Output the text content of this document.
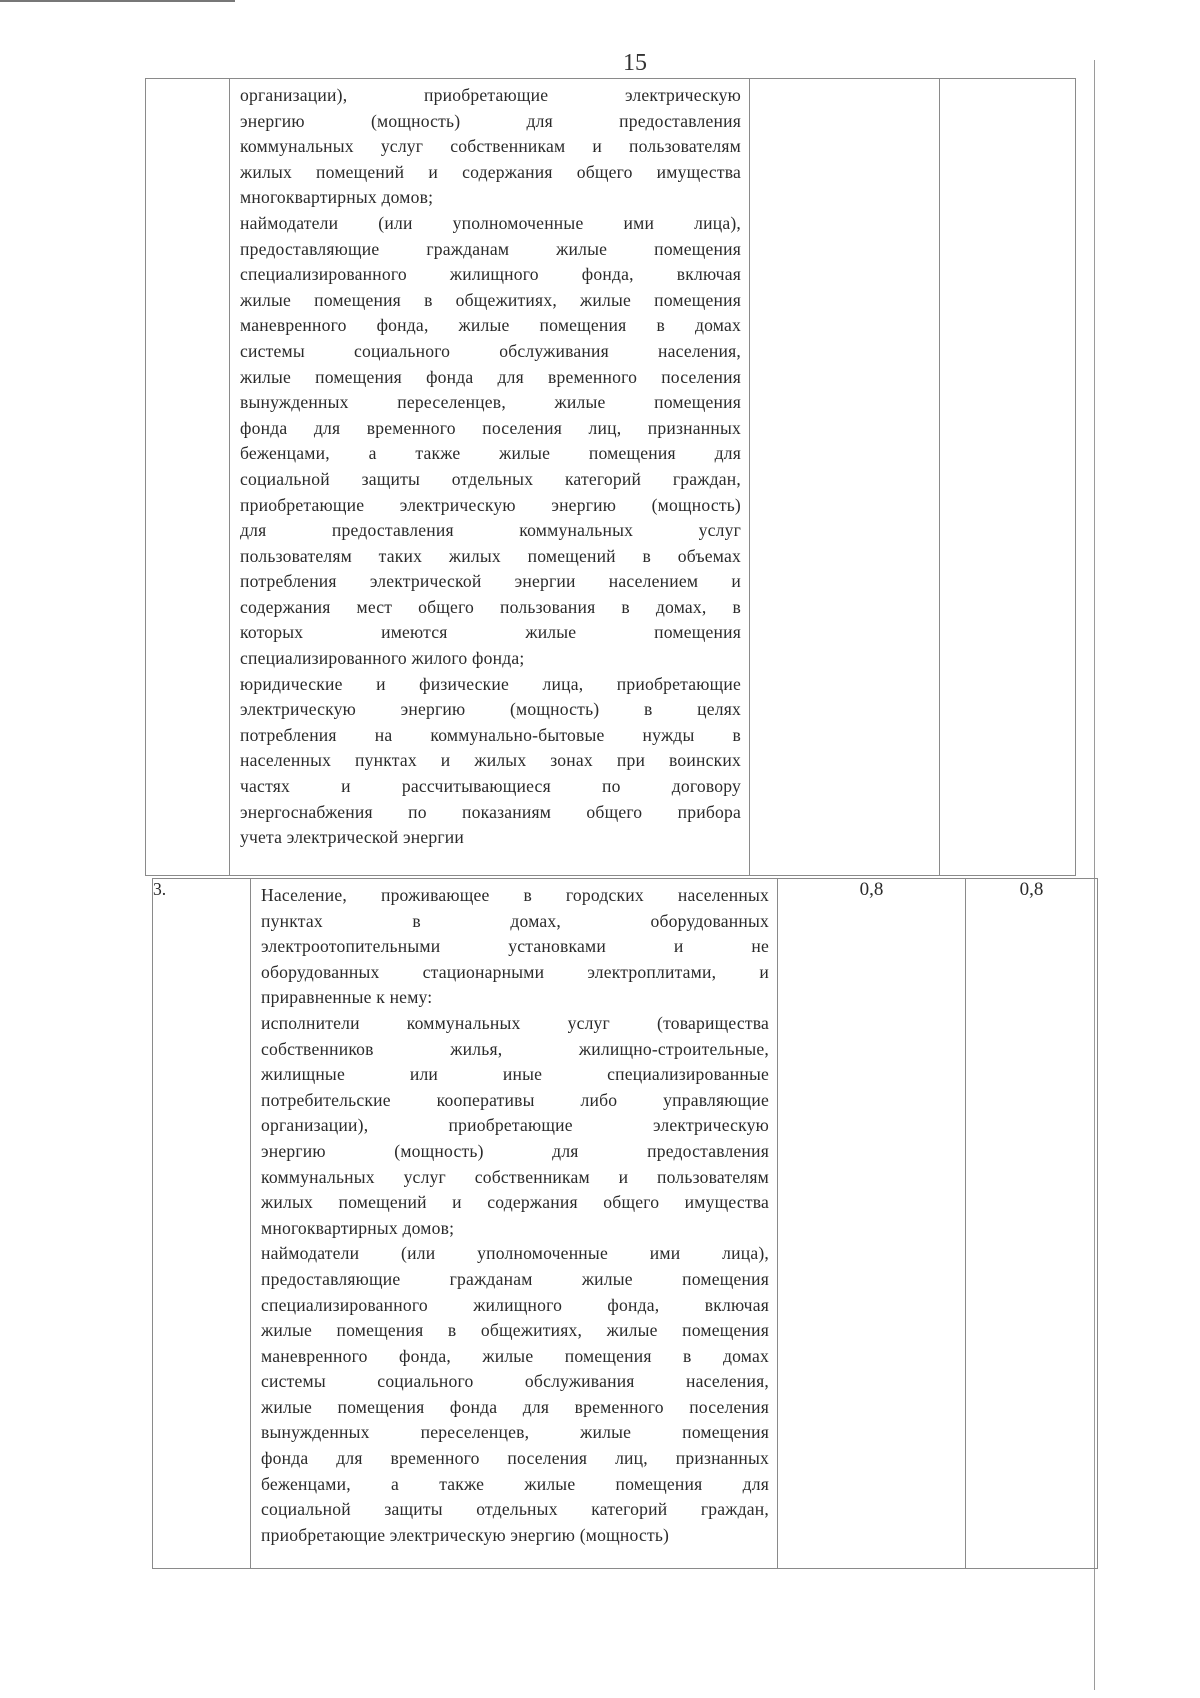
15

организации), приобретающие электрическую
энергию (мощность) для предоставления
коммунальных услуг собственникам и пользователям
жилых помещений и содержания общего имущества
многоквартирных домов;
наймодатели (или уполномоченные ими лица),
предоставляющие гражданам жилые помещения
специализированного жилищного фонда, включая
жилые помещения в общежитиях, жилые помещения
маневренного фонда, жилые помещения в домах
системы социального обслуживания населения,
жилые помещения фонда для временного поселения
вынужденных переселенцев, жилые помещения
фонда для временного поселения лиц, признанных
беженцами, а также жилые помещения для
социальной защиты отдельных категорий граждан,
приобретающие электрическую энергию (мощность)
для предоставления коммунальных услуг
пользователям таких жилых помещений в объемах
потребления электрической энергии населением и
содержания мест общего пользования в домах, в
которых имеются жилые помещения
специализированного жилого фонда;
юридические и физические лица, приобретающие
электрическую энергию (мощность) в целях
потребления на коммунально-бытовые нужды в
населенных пунктах и жилых зонах при воинских
частях и рассчитывающиеся по договору
энергоснабжения по показаниям общего прибора
учета электрической энергии

3.	Население, проживающее в городских населенных
пунктах в домах, оборудованных
электроотопительными установками и не
оборудованных стационарными электроплитами, и
приравненные к нему:
исполнители коммунальных услуг (товарищества
собственников жилья, жилищно-строительные,
жилищные или иные специализированные
потребительские кооперативы либо управляющие
организации), приобретающие электрическую
энергию (мощность) для предоставления
коммунальных услуг собственникам и пользователям
жилых помещений и содержания общего имущества
многоквартирных домов;
наймодатели (или уполномоченные ими лица),
предоставляющие гражданам жилые помещения
специализированного жилищного фонда, включая
жилые помещения в общежитиях, жилые помещения
маневренного фонда, жилые помещения в домах
системы социального обслуживания населения,
жилые помещения фонда для временного поселения
вынужденных переселенцев, жилые помещения
фонда для временного поселения лиц, признанных
беженцами, а также жилые помещения для
социальной защиты отдельных категорий граждан,
приобретающие электрическую энергию (мощность)
	0,8	0,8
